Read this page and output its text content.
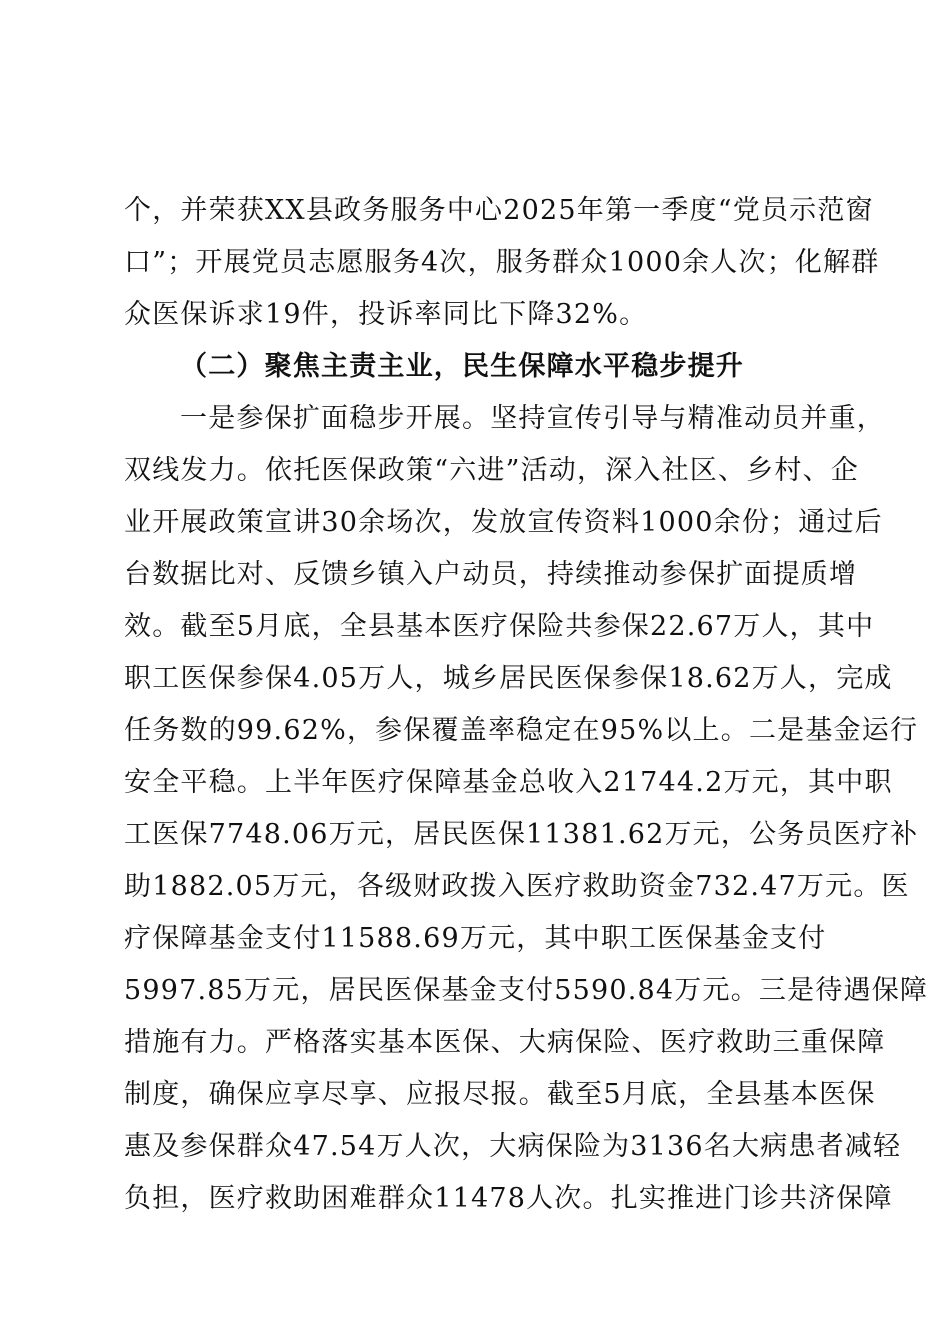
个，并荣获XX县政务服务中心2025年第一季度“党员示范窗
口”；开展党员志愿服务4次，服务群众1000余人次；化解群
众医保诉求19件，投诉率同比下降32%。
（二）聚焦主责主业，民生保障水平稳步提升
一是参保扩面稳步开展。坚持宣传引导与精准动员并重，
双线发力。依托医保政策“六进”活动，深入社区、乡村、企
业开展政策宣讲30余场次，发放宣传资料1000余份；通过后
台数据比对、反馈乡镇入户动员，持续推动参保扩面提质增
效。截至5月底，全县基本医疗保险共参保22.67万人，其中
职工医保参保4.05万人，城乡居民医保参保18.62万人，完成
任务数的99.62%，参保覆盖率稳定在95%以上。二是基金运行
安全平稳。上半年医疗保障基金总收入21744.2万元，其中职
工医保7748.06万元，居民医保11381.62万元，公务员医疗补
助1882.05万元，各级财政拨入医疗救助资金732.47万元。医
疗保障基金支付11588.69万元，其中职工医保基金支付
5997.85万元，居民医保基金支付5590.84万元。三是待遇保障
措施有力。严格落实基本医保、大病保险、医疗救助三重保障
制度，确保应享尽享、应报尽报。截至5月底，全县基本医保
惠及参保群众47.54万人次，大病保险为3136名大病患者减轻
负担，医疗救助困难群众11478人次。扎实推进门诊共济保障
